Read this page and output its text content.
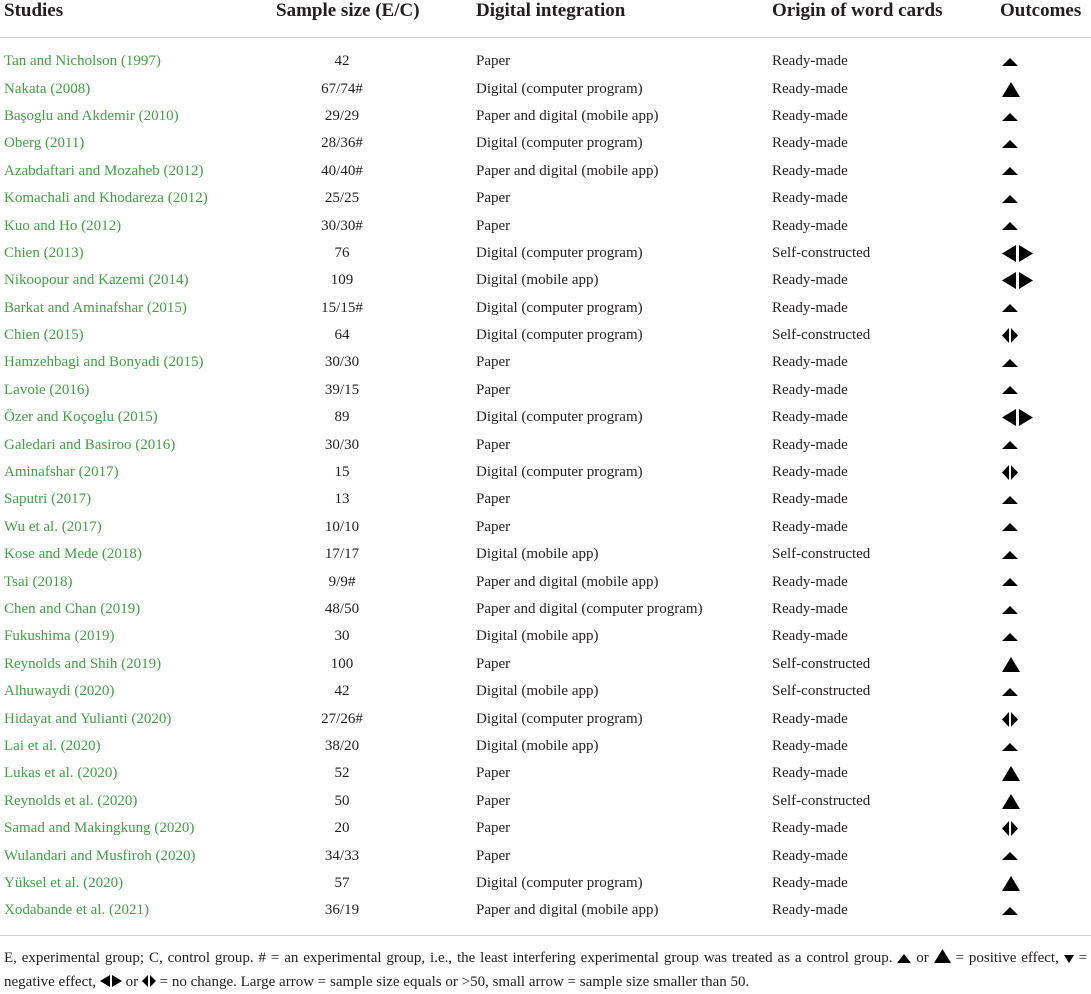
Studies	Sample size (E/C)	Digital integration	Origin of word cards	Outcomes
Tan and Nicholson (1997)	42	Paper	Ready-made	
Nakata (2008)	67/74#	Digital (computer program)	Ready-made	
Başoglu and Akdemir (2010)	29/29	Paper and digital (mobile app)	Ready-made	
Oberg (2011)	28/36#	Digital (computer program)	Ready-made	
Azabdaftari and Mozaheb (2012)	40/40#	Paper and digital (mobile app)	Ready-made	
Komachali and Khodareza (2012)	25/25	Paper	Ready-made	
Kuo and Ho (2012)	30/30#	Paper	Ready-made	
Chien (2013)	76	Digital (computer program)	Self-constructed	
Nikoopour and Kazemi (2014)	109	Digital (mobile app)	Ready-made	
Barkat and Aminafshar (2015)	15/15#	Digital (computer program)	Ready-made	
Chien (2015)	64	Digital (computer program)	Self-constructed	
Hamzehbagi and Bonyadi (2015)	30/30	Paper	Ready-made	
Lavoie (2016)	39/15	Paper	Ready-made	
Özer and Koçoglu (2015)	89	Digital (computer program)	Ready-made	
Galedari and Basiroo (2016)	30/30	Paper	Ready-made	
Aminafshar (2017)	15	Digital (computer program)	Ready-made	
Saputri (2017)	13	Paper	Ready-made	
Wu et al. (2017)	10/10	Paper	Ready-made	
Kose and Mede (2018)	17/17	Digital (mobile app)	Self-constructed	
Tsai (2018)	9/9#	Paper and digital (mobile app)	Ready-made	
Chen and Chan (2019)	48/50	Paper and digital (computer program)	Ready-made	
Fukushima (2019)	30	Digital (mobile app)	Ready-made	
Reynolds and Shih (2019)	100	Paper	Self-constructed	
Alhuwaydi (2020)	42	Digital (mobile app)	Self-constructed	
Hidayat and Yulianti (2020)	27/26#	Digital (computer program)	Ready-made	
Lai et al. (2020)	38/20	Digital (mobile app)	Ready-made	
Lukas et al. (2020)	52	Paper	Ready-made	
Reynolds et al. (2020)	50	Paper	Self-constructed	
Samad and Makingkung (2020)	20	Paper	Ready-made	
Wulandari and Musfiroh (2020)	34/33	Paper	Ready-made	
Yüksel et al. (2020)	57	Digital (computer program)	Ready-made	
Xodabande et al. (2021)	36/19	Paper and digital (mobile app)	Ready-made	
E, experimental group; C, control group. # = an experimental group, i.e., the least interfering experimental group was treated as a control group. or = positive effect, = negative effect, or = no change. Large arrow = sample size equals or >50, small arrow = sample size smaller than 50.
